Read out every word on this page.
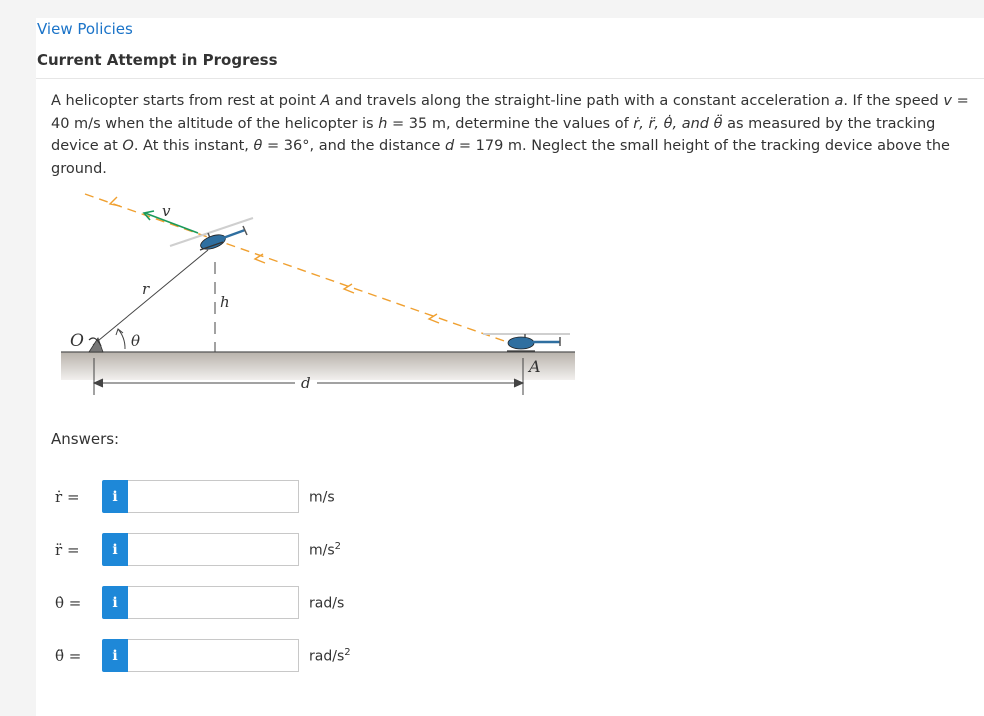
View Policies
Current Attempt in Progress
A helicopter starts from rest at point A and travels along the straight-line path with a constant acceleration a. If the speed v = 40 m/s when the altitude of the helicopter is h = 35 m, determine the values of ṙ, r̈, θ̇, and θ̈ as measured by the tracking device at O. At this instant, θ = 36°, and the distance d = 179 m. Neglect the small height of the tracking device above the ground.
v
r
θ
O
h
d
A
Answers:
ṙ =	i	m/s
r̈ =	i	$m/s^2$
θ̇ =	i	rad/s
θ̈ =	i	rad/$s^2$
